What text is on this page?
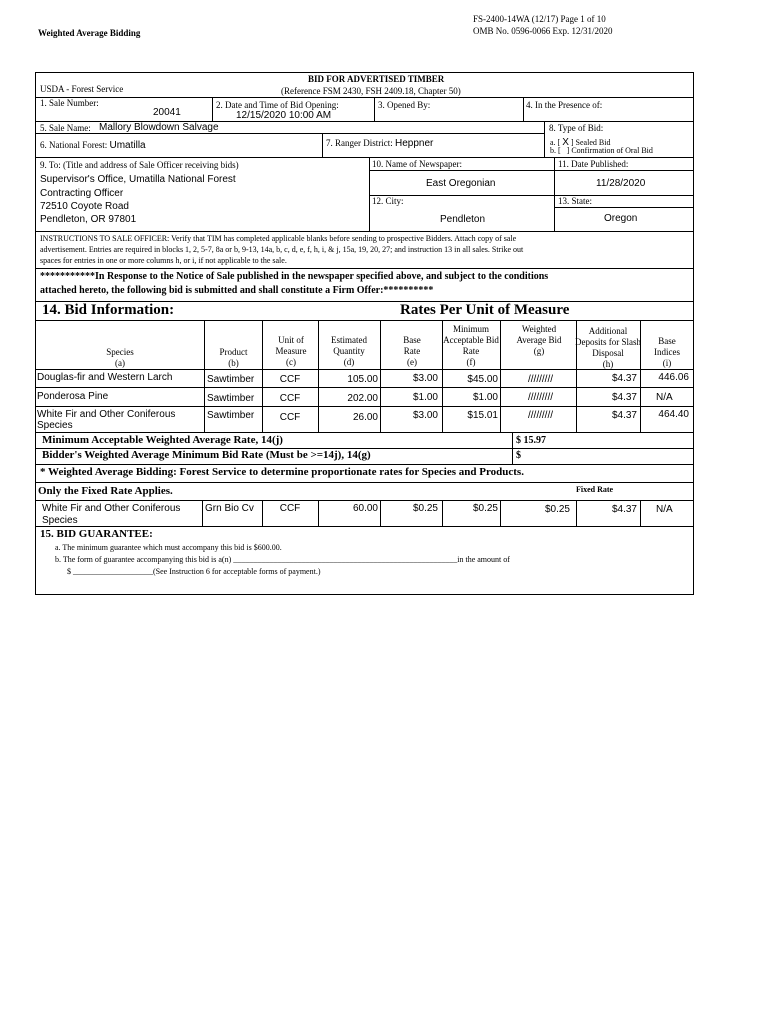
FS-2400-14WA (12/17) Page 1 of 10
OMB No. 0596-0066 Exp. 12/31/2020
Weighted Average Bidding
USDA - Forest Service
BID FOR ADVERTISED TIMBER
(Reference FSM 2430, FSH 2409.18, Chapter 50)
1. Sale Number:
20041
2. Date and Time of Bid Opening:
12/15/2020 10:00 AM
3. Opened By:	4. In the Presence of:
5. Sale Name: Mallory Blowdown Salvage	8. Type of Bid:
a. [ X ] Sealed Bid
b. [ ] Confirmation of Oral Bid
6. National Forest: Umatilla	7. Ranger District: Heppner
9. To: (Title and address of Sale Officer receiving bids)
Supervisor's Office, Umatilla National Forest
Contracting Officer
72510 Coyote Road
Pendleton, OR 97801
10. Name of Newspaper:
East Oregonian
11. Date Published:
11/28/2020
12. City:
Pendleton
13. State:
Oregon
INSTRUCTIONS TO SALE OFFICER: Verify that TIM has completed applicable blanks before sending to prospective Bidders. Attach copy of sale
advertisement. Entries are required in blocks 1, 2, 5-7, 8a or b, 9-13, 14a, b, c, d, e, f, h, i, & j, 15a, 19, 20, 27; and instruction 13 in all sales. Strike out
spaces for entries in one or more columns h, or i, if not applicable to the sale.
***********In Response to the Notice of Sale published in the newspaper specified above, and subject to the conditions
attached hereto, the following bid is submitted and shall constitute a Firm Offer:**********
14. Bid Information:	Rates Per Unit of Measure
Species
(a)
Product
(b)
Unit of Measure
(c)
Estimated Quantity
(d)
Base Rate
(e)
Minimum Acceptable Bid Rate
(f)
Weighted Average Bid
(g)
Additional Deposits for Slash Disposal
(h)
Base Indices
(i)
Douglas-fir and Western Larch	Sawtimber	CCF	105.00	$3.00	$45.00	/////////	$4.37	446.06
Ponderosa Pine	Sawtimber	CCF	202.00	$1.00	$1.00	/////////	$4.37 N/A
White Fir and Other Coniferous
Species
Sawtimber	CCF	26.00	$3.00	$15.01	/////////	$4.37	464.40
Minimum Acceptable Weighted Average Rate, 14(j)	$ 15.97
Bidder's Weighted Average Minimum Bid Rate (Must be >=14j), 14(g)	$
* Weighted Average Bidding: Forest Service to determine proportionate rates for Species and Products.
Only the Fixed Rate Applies.	Fixed Rate
White Fir and Other Coniferous
Species
Grn Bio Cv	CCF	60.00	$0.25	$0.25	$0.25	$4.37 N/A
15. BID GUARANTEE:
a. The minimum guarantee which must accompany this bid is $600.00.
b. The form of guarantee accompanying this bid is a(n) ________________________________________________________in the amount of
$ ____________________(See Instruction 6 for acceptable forms of payment.)
